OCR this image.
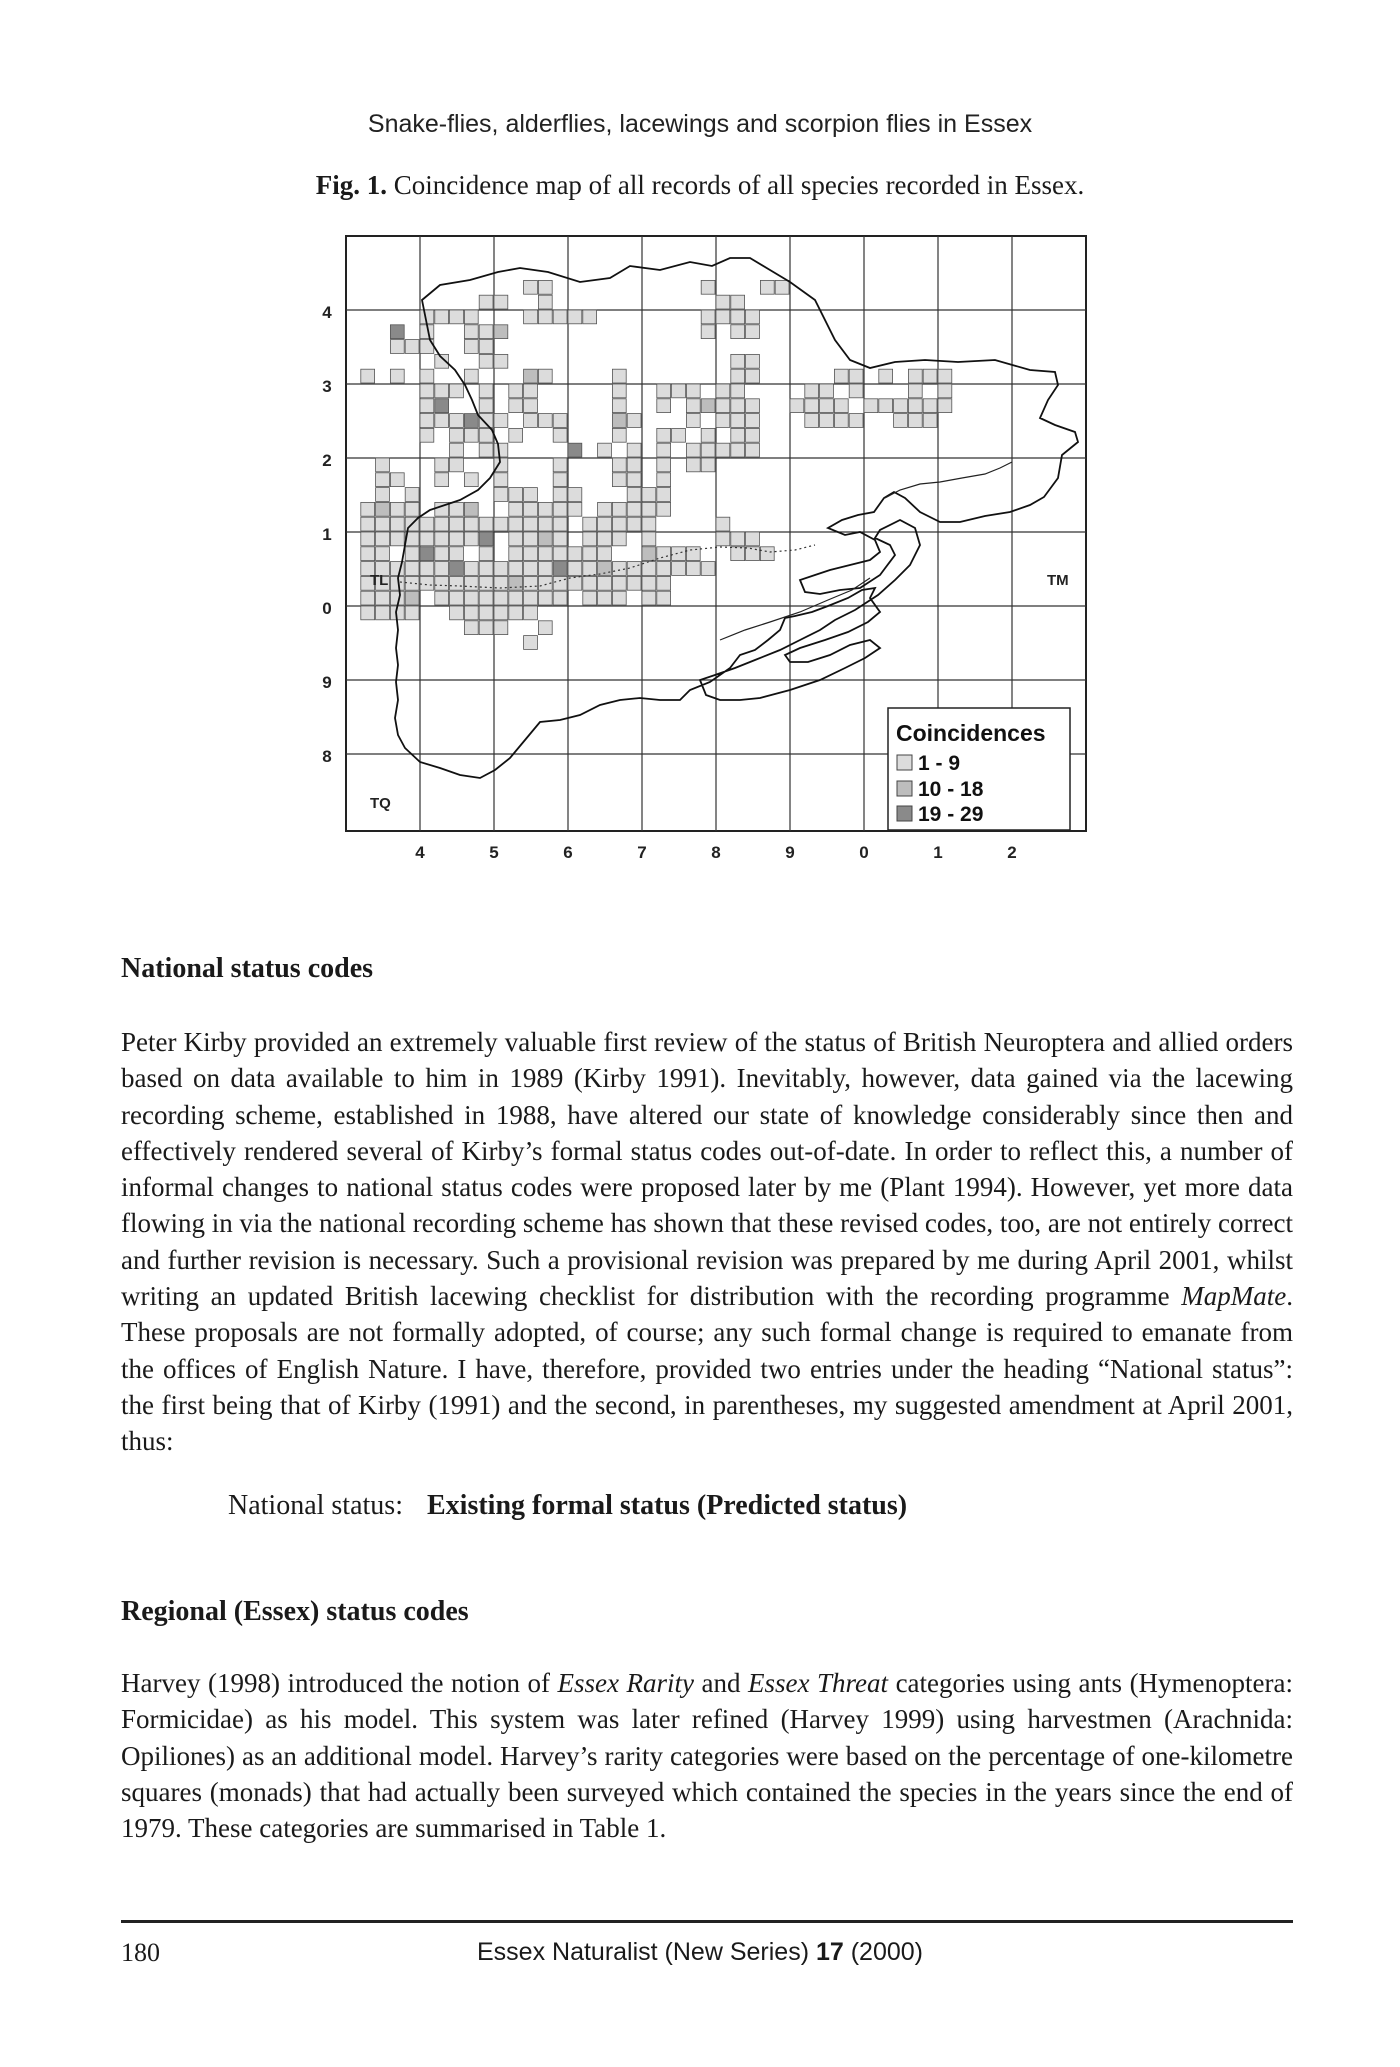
Snake-flies, alderflies, lacewings and scorpion flies in Essex
Fig. 1. Coincidence map of all records of all species recorded in Essex.
4
3
2
1
0
9
8
4	5	6	7	8	9	0	1	2
TL	TM
TQ
Coincidences
1 - 9
10 - 18
19 - 29
National status codes
Peter Kirby provided an extremely valuable first review of the status of British Neuroptera and allied orders based on data available to him in 1989 (Kirby 1991). Inevitably, however, data gained via the lacewing recording scheme, established in 1988, have altered our state of knowledge considerably since then and effectively rendered several of Kirby’s formal status codes out-of-date. In order to reflect this, a number of informal changes to national status codes were proposed later by me (Plant 1994). However, yet more data flowing in via the national recording scheme has shown that these revised codes, too, are not entirely correct and further revision is necessary. Such a provisional revision was prepared by me during April 2001, whilst writing an updated British lacewing checklist for distribution with the recording programme MapMate. These proposals are not formally adopted, of course; any such formal change is required to emanate from the offices of English Nature. I have, therefore, provided two entries under the heading “National status”: the first being that of Kirby (1991) and the second, in parentheses, my suggested amendment at April 2001, thus:
National status: Existing formal status (Predicted status)
Regional (Essex) status codes
Harvey (1998) introduced the notion of Essex Rarity and Essex Threat categories using ants (Hymenoptera: Formicidae) as his model. This system was later refined (Harvey 1999) using harvestmen (Arachnida: Opiliones) as an additional model. Harvey’s rarity categories were based on the percentage of one-kilometre squares (monads) that had actually been surveyed which contained the species in the years since the end of 1979. These categories are summarised in Table 1.
180	Essex Naturalist (New Series) 17 (2000)
